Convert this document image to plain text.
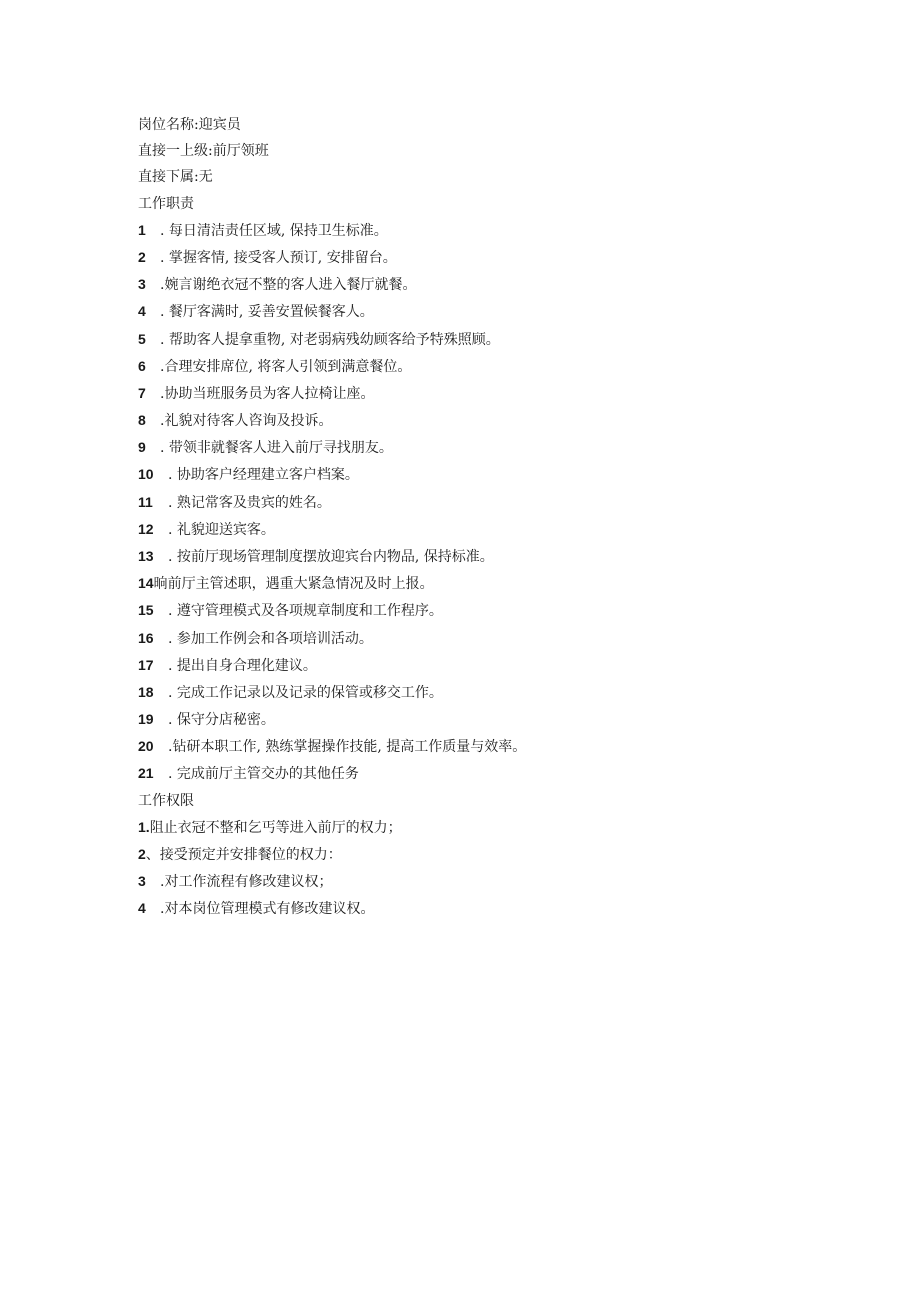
岗位名称:迎宾员
直接一上级:前厅领班
直接下属:无
工作职责
1 . 每日清洁责任区域, 保持卫生标准。
2 . 掌握客情, 接受客人预订, 安排留台。
3 .婉言谢绝衣冠不整的客人进入餐厅就餐。
4 . 餐厅客满时, 妥善安置候餐客人。
5 . 帮助客人提拿重物, 对老弱病残幼顾客给予特殊照顾。
6 .合理安排席位, 将客人引领到满意餐位。
7 .协助当班服务员为客人拉椅让座。
8 .礼貌对待客人咨询及投诉。
9 . 带领非就餐客人进入前厅寻找朋友。
10 . 协助客户经理建立客户档案。
11 . 熟记常客及贵宾的姓名。
12 . 礼貌迎送宾客。
13 . 按前厅现场管理制度摆放迎宾台内物品, 保持标准。
14晌前厅主管述职，遇重大紧急情况及时上报。
15 . 遵守管理模式及各项规章制度和工作程序。
16 . 参加工作例会和各项培训活动。
17 . 提出自身合理化建议。
18 . 完成工作记录以及记录的保管或移交工作。
19 . 保守分店秘密。
20 .钻研本职工作, 熟练掌握操作技能, 提高工作质量与效率。
21 . 完成前厅主管交办的其他任务
工作权限
1.阻止衣冠不整和乞丐等进入前厅的权力；
2、接受预定并安排餐位的权力：
3 .对工作流程有修改建议权；
4 .对本岗位管理模式有修改建议权。
